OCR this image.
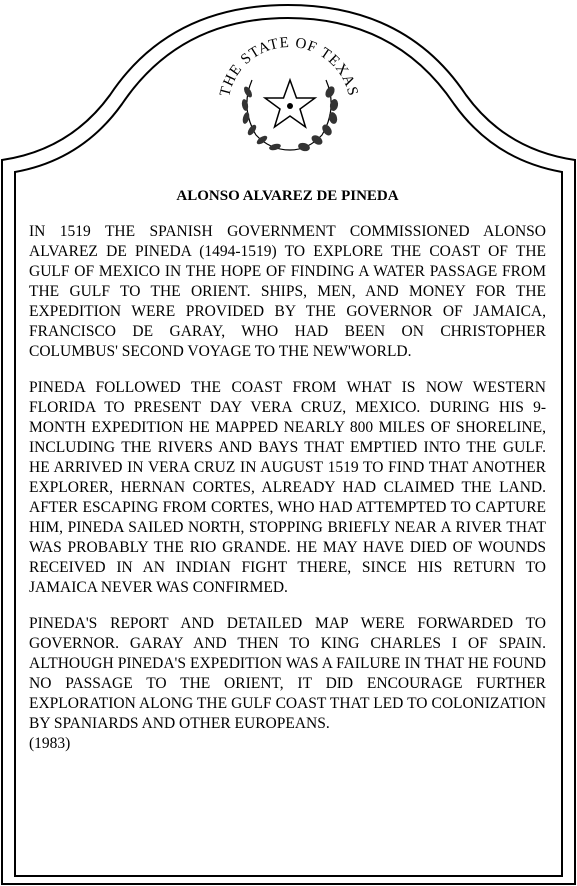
THE STATE OF TEXAS
ALONSO ALVAREZ DE PINEDA

IN 1519 THE SPANISH GOVERNMENT COMMISSIONED ALONSO ALVAREZ DE PINEDA (1494-1519) TO EXPLORE THE COAST OF THE GULF OF MEXICO IN THE HOPE OF FINDING A WATER PASSAGE FROM THE GULF TO THE ORIENT. SHIPS, MEN, AND MONEY FOR THE EXPEDITION WERE PROVIDED BY THE GOVERNOR OF JAMAICA, FRANCISCO DE GARAY, WHO HAD BEEN ON CHRISTOPHER COLUMBUS' SECOND VOYAGE TO THE NEW'WORLD.

PINEDA FOLLOWED THE COAST FROM WHAT IS NOW WESTERN FLORIDA TO PRESENT DAY VERA CRUZ, MEXICO. DURING HIS 9-MONTH EXPEDITION HE MAPPED NEARLY 800 MILES OF SHORELINE, INCLUDING THE RIVERS AND BAYS THAT EMPTIED INTO THE GULF. HE ARRIVED IN VERA CRUZ IN AUGUST 1519 TO FIND THAT ANOTHER EXPLORER, HERNAN CORTES, ALREADY HAD CLAIMED THE LAND. AFTER ESCAPING FROM CORTES, WHO HAD ATTEMPTED TO CAPTURE HIM, PINEDA SAILED NORTH, STOPPING BRIEFLY NEAR A RIVER THAT WAS PROBABLY THE RIO GRANDE. HE MAY HAVE DIED OF WOUNDS RECEIVED IN AN INDIAN FIGHT THERE, SINCE HIS RETURN TO JAMAICA NEVER WAS CONFIRMED.

PINEDA'S REPORT AND DETAILED MAP WERE FORWARDED TO GOVERNOR. GARAY AND THEN TO KING CHARLES I OF SPAIN. ALTHOUGH PINEDA'S EXPEDITION WAS A FAILURE IN THAT HE FOUND NO PASSAGE TO THE ORIENT, IT DID ENCOURAGE FURTHER EXPLORATION ALONG THE GULF COAST THAT LED TO COLONIZATION BY SPANIARDS AND OTHER EUROPEANS.

(1983)
